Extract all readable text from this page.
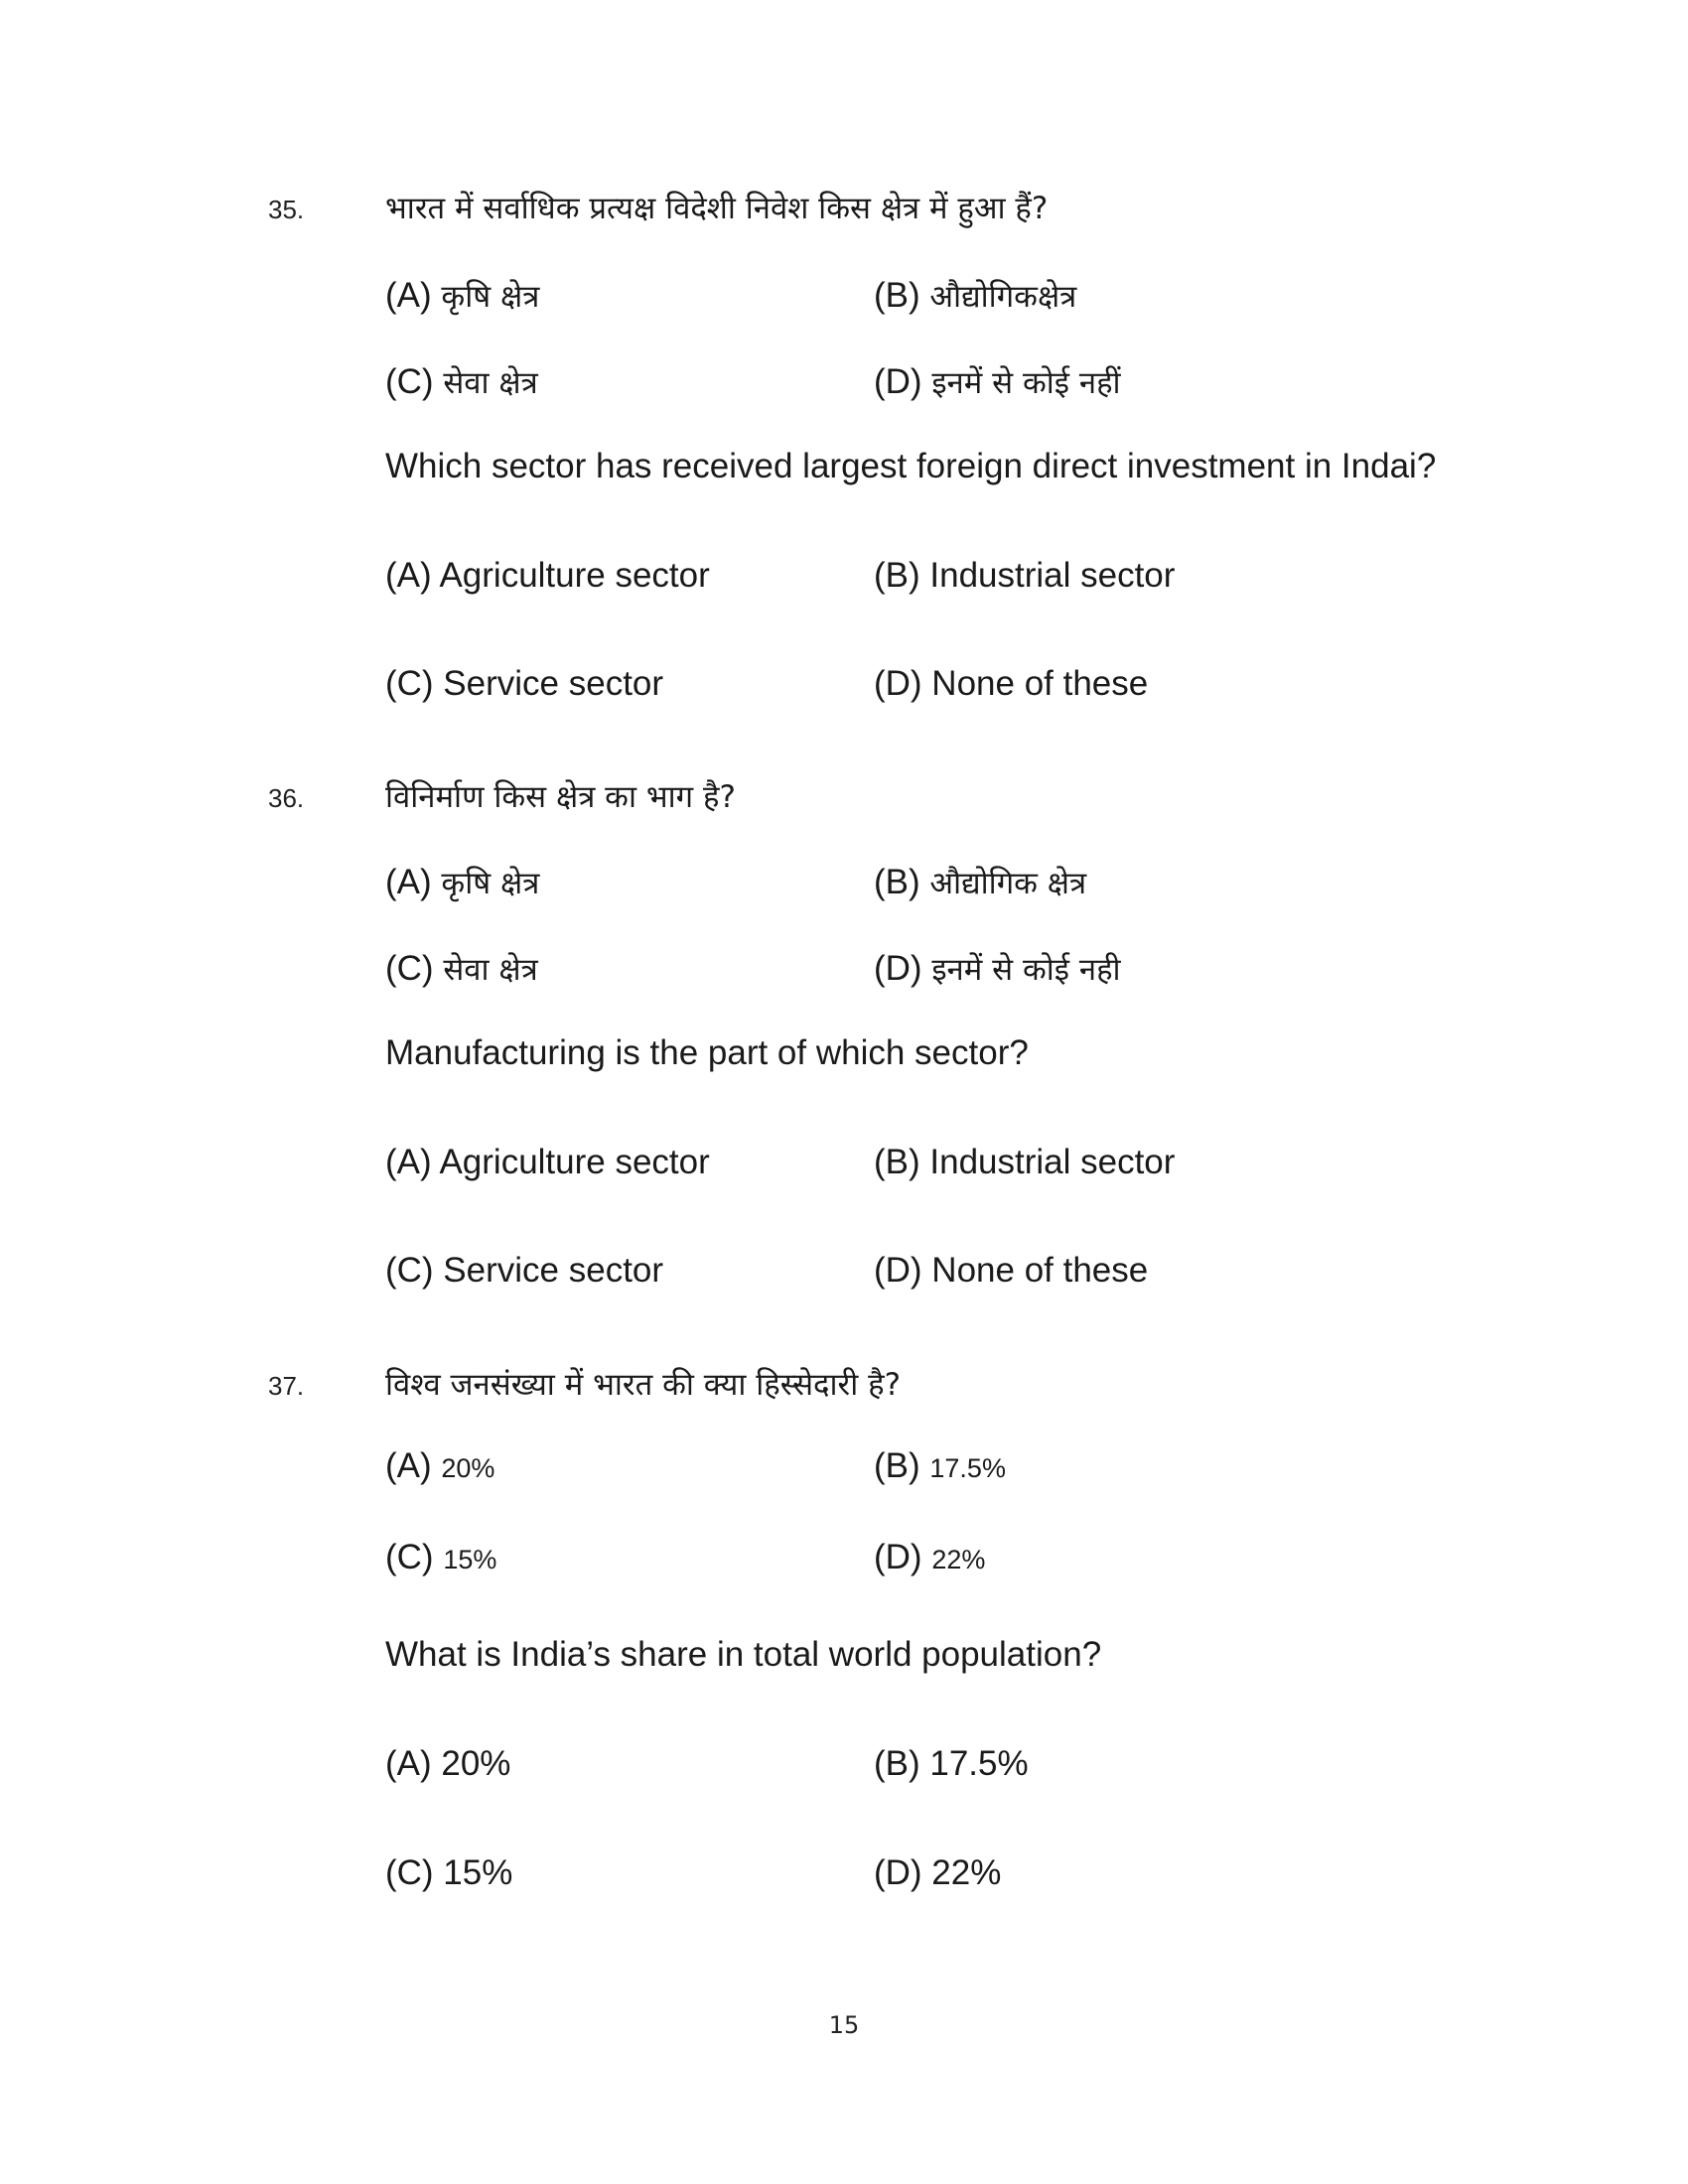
35.	भारत में सर्वाधिक प्रत्यक्ष विदेशी निवेश किस क्षेत्र में हुआ हैं?
(A) कृषि क्षेत्र	(B) औद्योगिकक्षेत्र
(C) सेवा क्षेत्र	(D) इनमें से कोई नहीं
Which sector has received largest foreign direct investment in Indai?
(A) Agriculture sector	(B) Industrial sector
(C) Service sector	(D) None of these
36.	विनिर्माण किस क्षेत्र का भाग है?
(A) कृषि क्षेत्र	(B) औद्योगिक क्षेत्र
(C) सेवा क्षेत्र	(D) इनमें से कोई नही
Manufacturing is the part of which sector?
(A) Agriculture sector	(B) Industrial sector
(C) Service sector	(D) None of these
37.	विश्व जनसंख्या में भारत की क्या हिस्सेदारी है?
(A) 20%	(B) 17.5%
(C) 15%	(D) 22%
What is India’s share in total world population?
(A) 20%	(B) 17.5%
(C) 15%	(D) 22%
15
